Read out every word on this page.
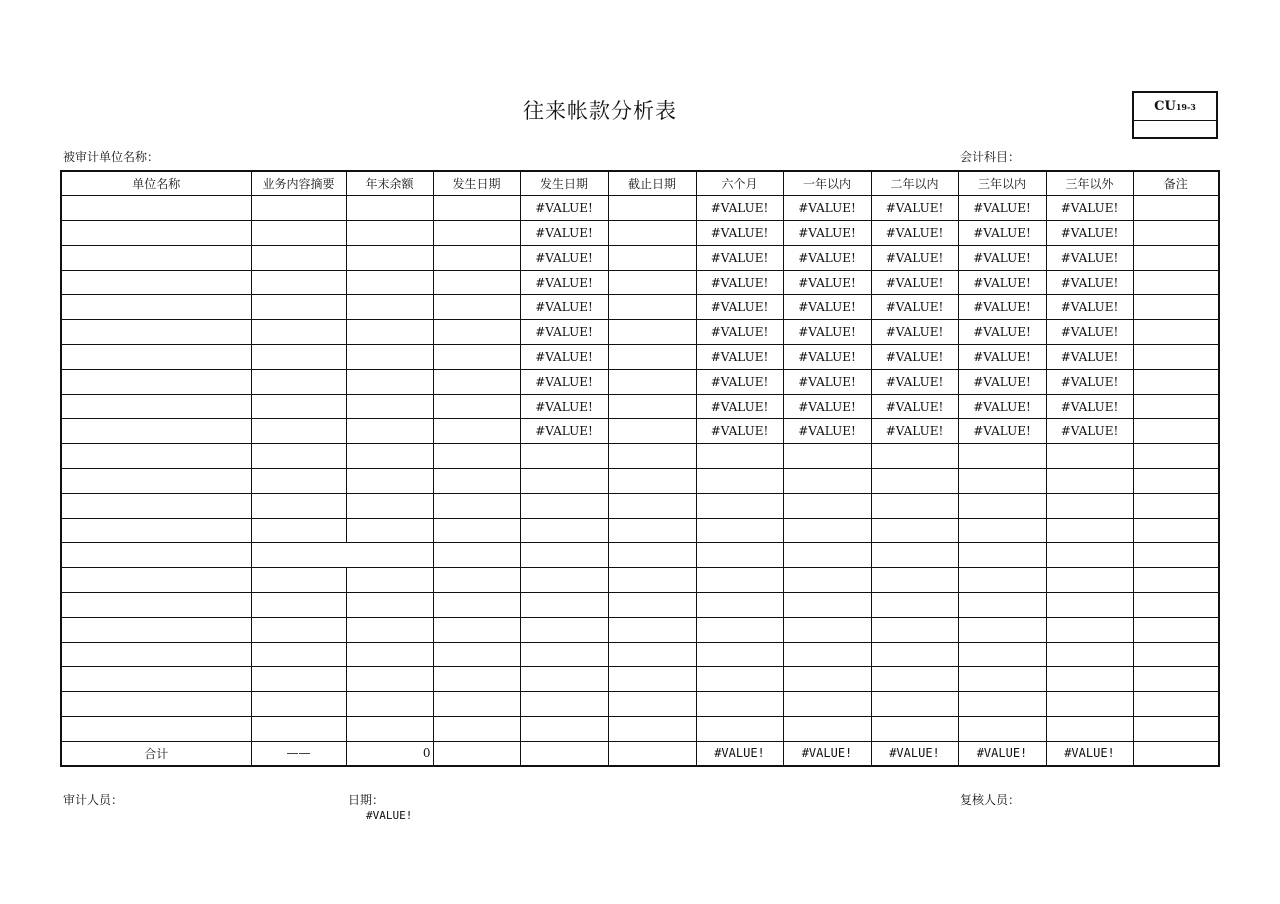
往来帐款分析表	CU19-3
被审计单位名称：	会计科目：
单位名称	业务内容摘要	年末余额	发生日期	发生日期	截止日期	六个月	一年以内	二年以内	三年以内	三年以外	备注
				#VALUE!		#VALUE!	#VALUE!	#VALUE!	#VALUE!	#VALUE!	
				#VALUE!		#VALUE!	#VALUE!	#VALUE!	#VALUE!	#VALUE!	
				#VALUE!		#VALUE!	#VALUE!	#VALUE!	#VALUE!	#VALUE!	
				#VALUE!		#VALUE!	#VALUE!	#VALUE!	#VALUE!	#VALUE!	
				#VALUE!		#VALUE!	#VALUE!	#VALUE!	#VALUE!	#VALUE!	
				#VALUE!		#VALUE!	#VALUE!	#VALUE!	#VALUE!	#VALUE!	
				#VALUE!		#VALUE!	#VALUE!	#VALUE!	#VALUE!	#VALUE!	
				#VALUE!		#VALUE!	#VALUE!	#VALUE!	#VALUE!	#VALUE!	
				#VALUE!		#VALUE!	#VALUE!	#VALUE!	#VALUE!	#VALUE!	
				#VALUE!		#VALUE!	#VALUE!	#VALUE!	#VALUE!	#VALUE!	

合计	——	0				#VALUE!	#VALUE!	#VALUE!	#VALUE!	#VALUE!	
审计人员：	日期：
#VALUE!
复核人员：
